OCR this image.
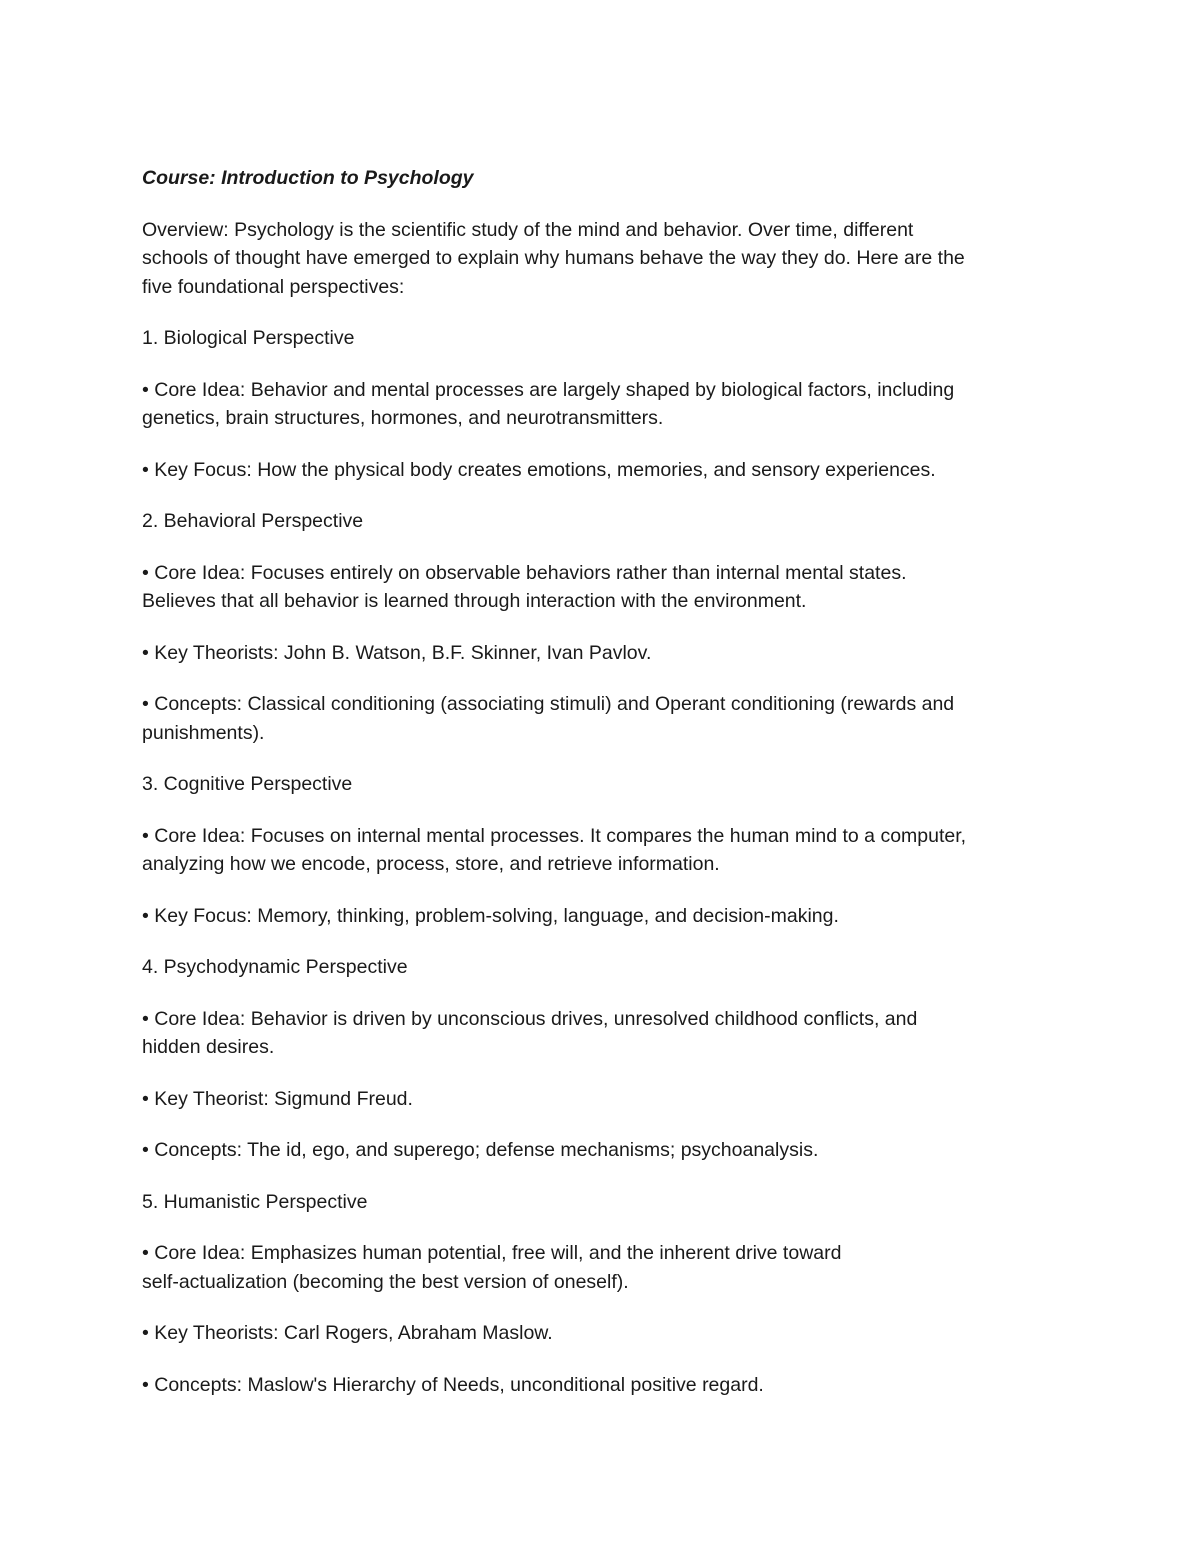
Course: Introduction to Psychology

Overview: Psychology is the scientific study of the mind and behavior. Over time, different

schools of thought have emerged to explain why humans behave the way they do. Here are the

five foundational perspectives:

1. Biological Perspective

• Core Idea: Behavior and mental processes are largely shaped by biological factors, including

genetics, brain structures, hormones, and neurotransmitters.

• Key Focus: How the physical body creates emotions, memories, and sensory experiences.

2. Behavioral Perspective

• Core Idea: Focuses entirely on observable behaviors rather than internal mental states.

Believes that all behavior is learned through interaction with the environment.

• Key Theorists: John B. Watson, B.F. Skinner, Ivan Pavlov.

• Concepts: Classical conditioning (associating stimuli) and Operant conditioning (rewards and

punishments).

3. Cognitive Perspective

• Core Idea: Focuses on internal mental processes. It compares the human mind to a computer,

analyzing how we encode, process, store, and retrieve information.

• Key Focus: Memory, thinking, problem-solving, language, and decision-making.

4. Psychodynamic Perspective

• Core Idea: Behavior is driven by unconscious drives, unresolved childhood conflicts, and

hidden desires.

• Key Theorist: Sigmund Freud.

• Concepts: The id, ego, and superego; defense mechanisms; psychoanalysis.

5. Humanistic Perspective

• Core Idea: Emphasizes human potential, free will, and the inherent drive toward

self-actualization (becoming the best version of oneself).

• Key Theorists: Carl Rogers, Abraham Maslow.

• Concepts: Maslow's Hierarchy of Needs, unconditional positive regard.
